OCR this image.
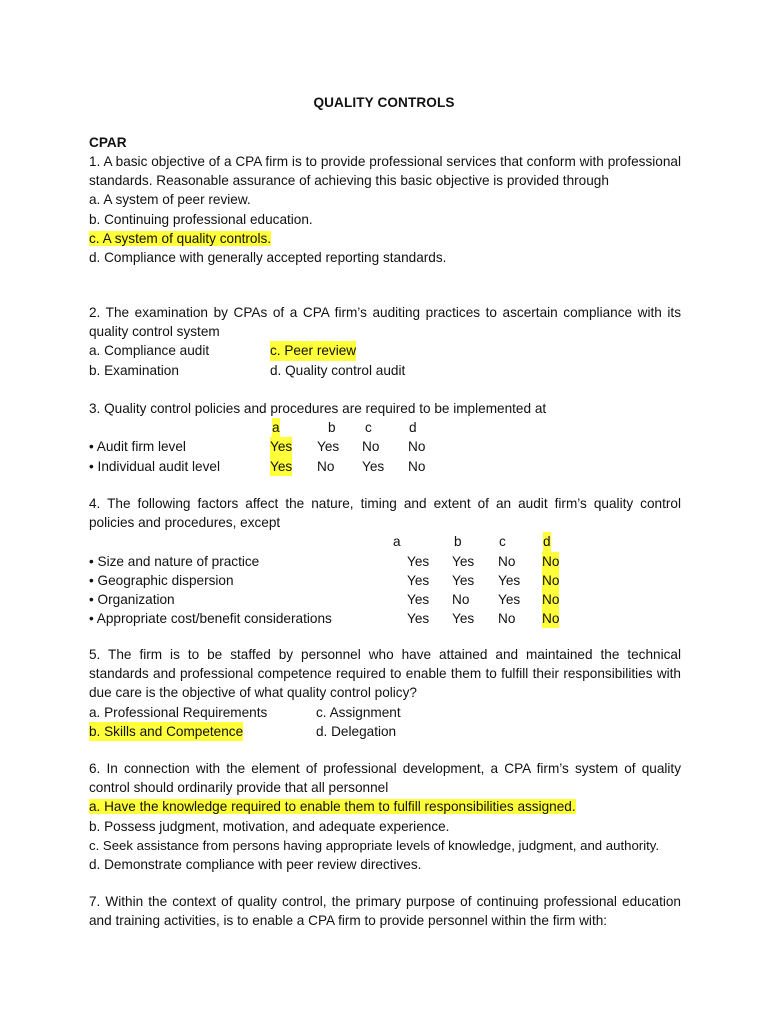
QUALITY CONTROLS
CPAR
1. A basic objective of a CPA firm is to provide professional services that conform with professional standards. Reasonable assurance of achieving this basic objective is provided through
a. A system of peer review.
b. Continuing professional education.
c. A system of quality controls.
d. Compliance with generally accepted reporting standards.
2. The examination by CPAs of a CPA firm’s auditing practices to ascertain compliance with its quality control system
a. Compliance audit	c. Peer review
b. Examination	d. Quality control audit
3. Quality control policies and procedures are required to be implemented at
a	b c	d
• Audit firm level	Yes Yes No No
• Individual audit level	Yes No Yes No
4. The following factors affect the nature, timing and extent of an audit firm’s quality control policies and procedures, except
a	b	c	d
• Size and nature of practice	Yes Yes No No
• Geographic dispersion	Yes Yes Yes No
• Organization	Yes No Yes No
• Appropriate cost/benefit considerations	Yes Yes No No
5. The firm is to be staffed by personnel who have attained and maintained the technical standards and professional competence required to enable them to fulfill their responsibilities with due care is the objective of what quality control policy?
a. Professional Requirements	c. Assignment
b. Skills and Competence	d. Delegation
6. In connection with the element of professional development, a CPA firm’s system of quality control should ordinarily provide that all personnel
a. Have the knowledge required to enable them to fulfill responsibilities assigned.
b. Possess judgment, motivation, and adequate experience.
c. Seek assistance from persons having appropriate levels of knowledge, judgment, and authority.
d. Demonstrate compliance with peer review directives.
7. Within the context of quality control, the primary purpose of continuing professional education and training activities, is to enable a CPA firm to provide personnel within the firm with:
